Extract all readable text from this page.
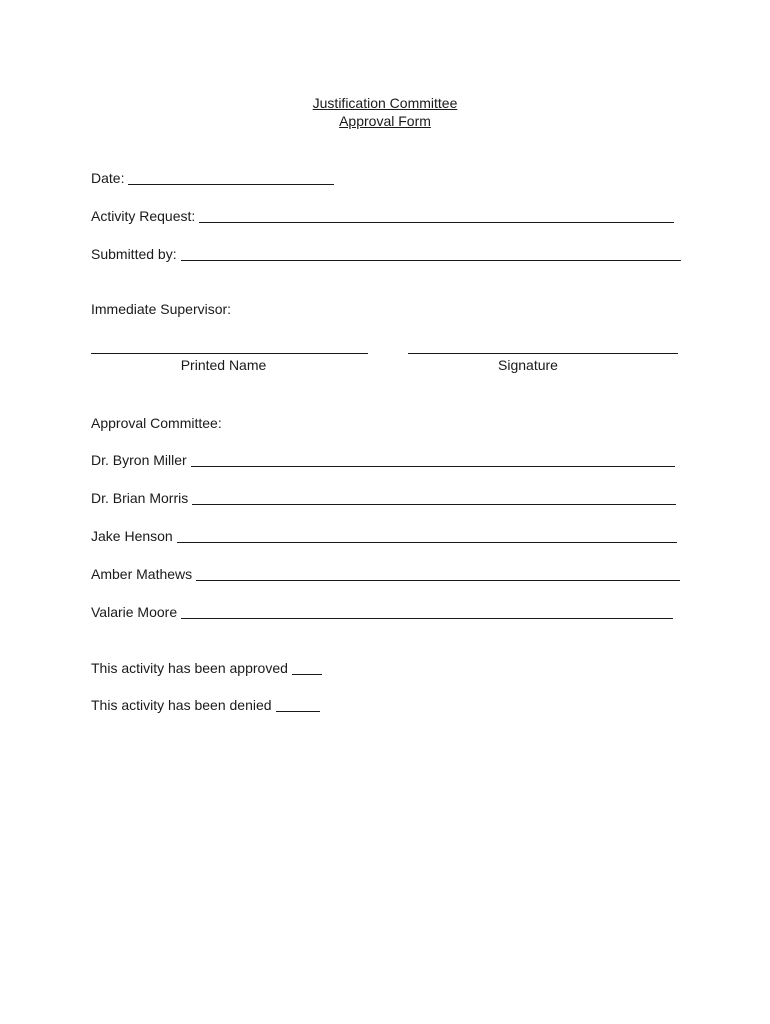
Justification Committee
Approval Form
Date:
Activity Request:
Submitted by:
Immediate Supervisor:
Printed Name	Signature
Approval Committee:
Dr. Byron Miller
Dr. Brian Morris
Jake Henson
Amber Mathews
Valarie Moore
This activity has been approved
This activity has been denied
